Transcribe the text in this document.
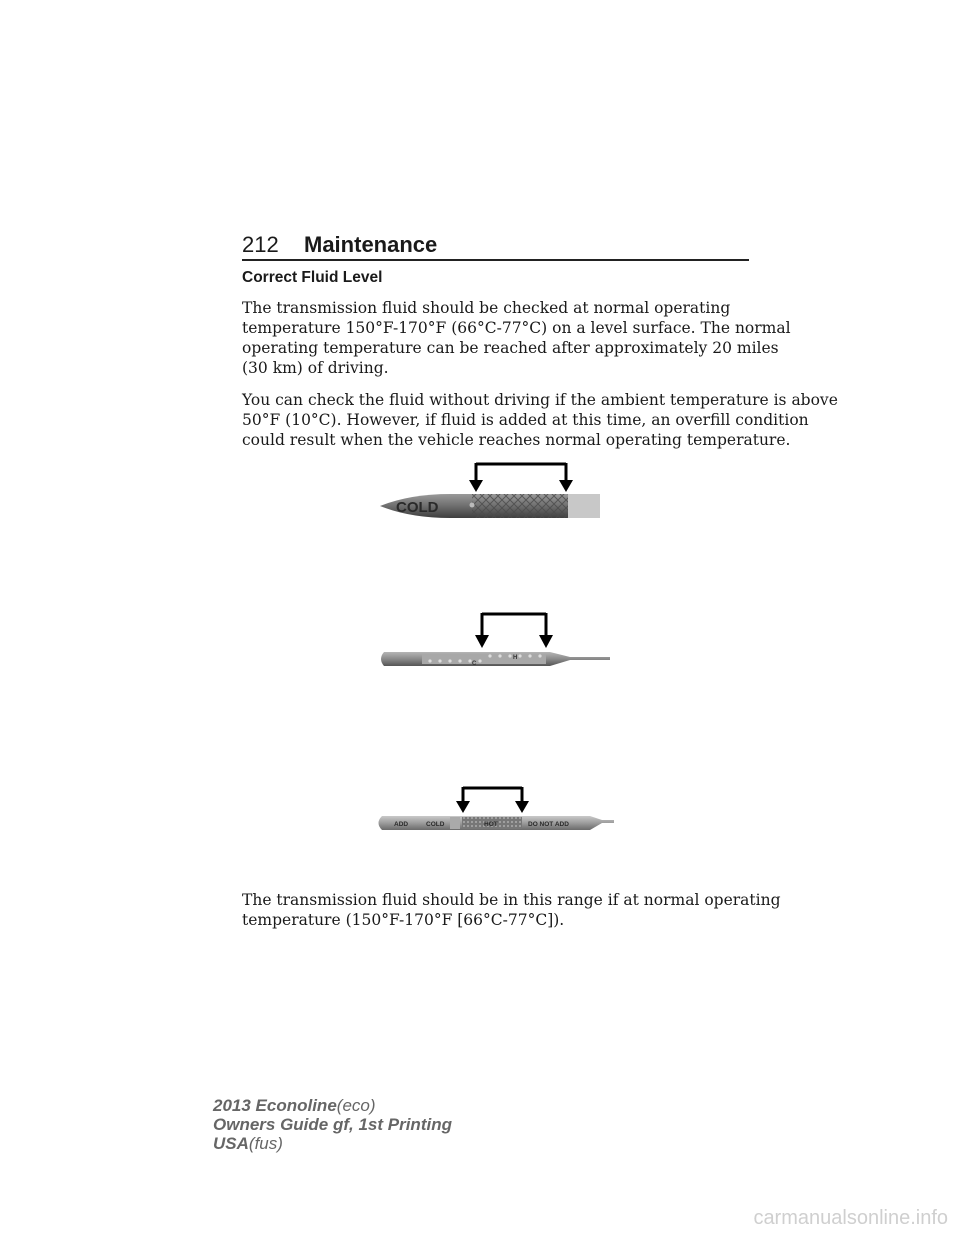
212 Maintenance
Correct Fluid Level

The transmission fluid should be checked at normal operating
temperature 150°F-170°F (66°C-77°C) on a level surface. The normal
operating temperature can be reached after approximately 20 miles
(30 km) of driving.

You can check the fluid without driving if the ambient temperature is above
50°F (10°C). However, if fluid is added at this time, an overfill condition
could result when the vehicle reaches normal operating temperature.

COLD
H
C
ADD	COLD	HOT	DO NOT ADD
The transmission fluid should be in this range if at normal operating
temperature (150°F-170°F [66°C-77°C]).
2013 Econoline(eco)
Owners Guide gf, 1st Printing
USA(fus)
carmanualsonline.info
